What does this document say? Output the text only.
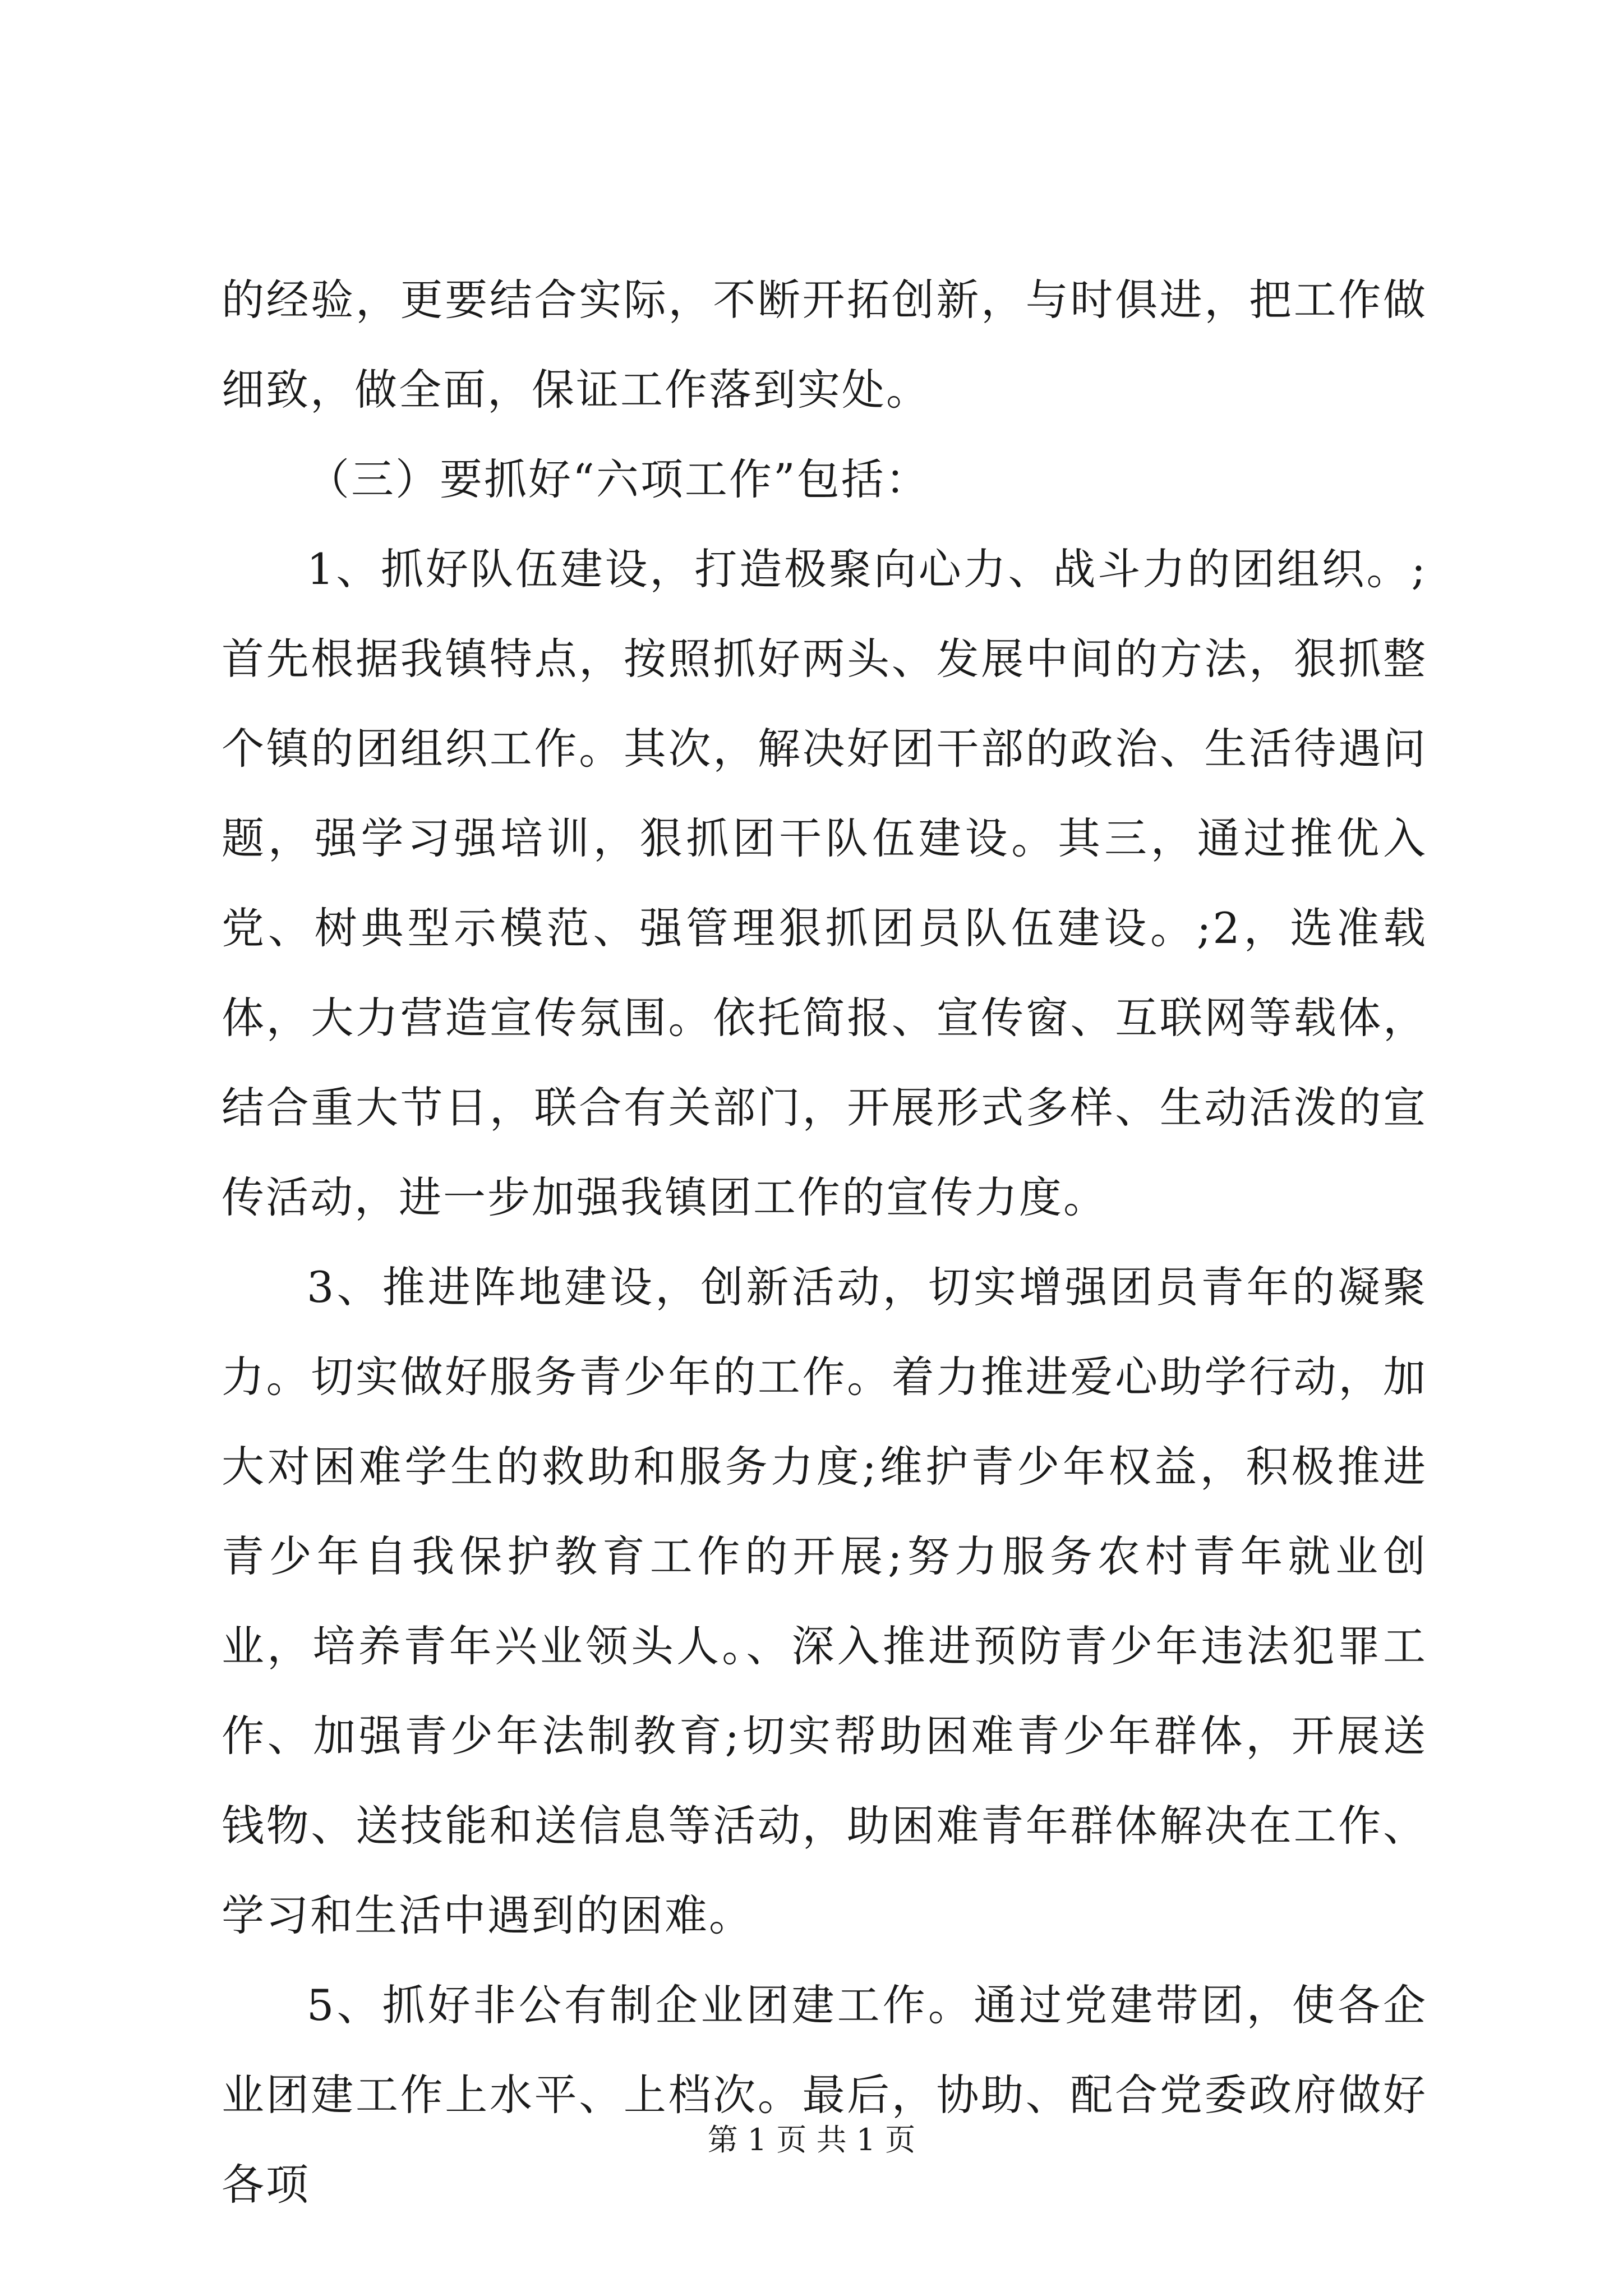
的经验，更要结合实际，不断开拓创新，与时俱进，把工作做细致，做全面，保证工作落到实处。

（三）要抓好“六项工作”包括：

1、抓好队伍建设，打造极聚向心力、战斗力的团组织。;首先根据我镇特点，按照抓好两头、发展中间的方法，狠抓整个镇的团组织工作。其次，解决好团干部的政治、生活待遇问题，强学习强培训，狠抓团干队伍建设。其三，通过推优入党、树典型示模范、强管理狠抓团员队伍建设。;2，选准载体，大力营造宣传氛围。依托简报、宣传窗、互联网等载体，结合重大节日，联合有关部门，开展形式多样、生动活泼的宣传活动，进一步加强我镇团工作的宣传力度。

3、推进阵地建设，创新活动，切实增强团员青年的凝聚力。切实做好服务青少年的工作。着力推进爱心助学行动，加大对困难学生的救助和服务力度;维护青少年权益，积极推进青少年自我保护教育工作的开展;努力服务农村青年就业创业，培养青年兴业领头人。、深入推进预防青少年违法犯罪工作、加强青少年法制教育;切实帮助困难青少年群体，开展送钱物、送技能和送信息等活动，助困难青年群体解决在工作、学习和生活中遇到的困难。

5、抓好非公有制企业团建工作。通过党建带团，使各企业团建工作上水平、上档次。最后，协助、配合党委政府做好各项

第 1 页 共 1 页
